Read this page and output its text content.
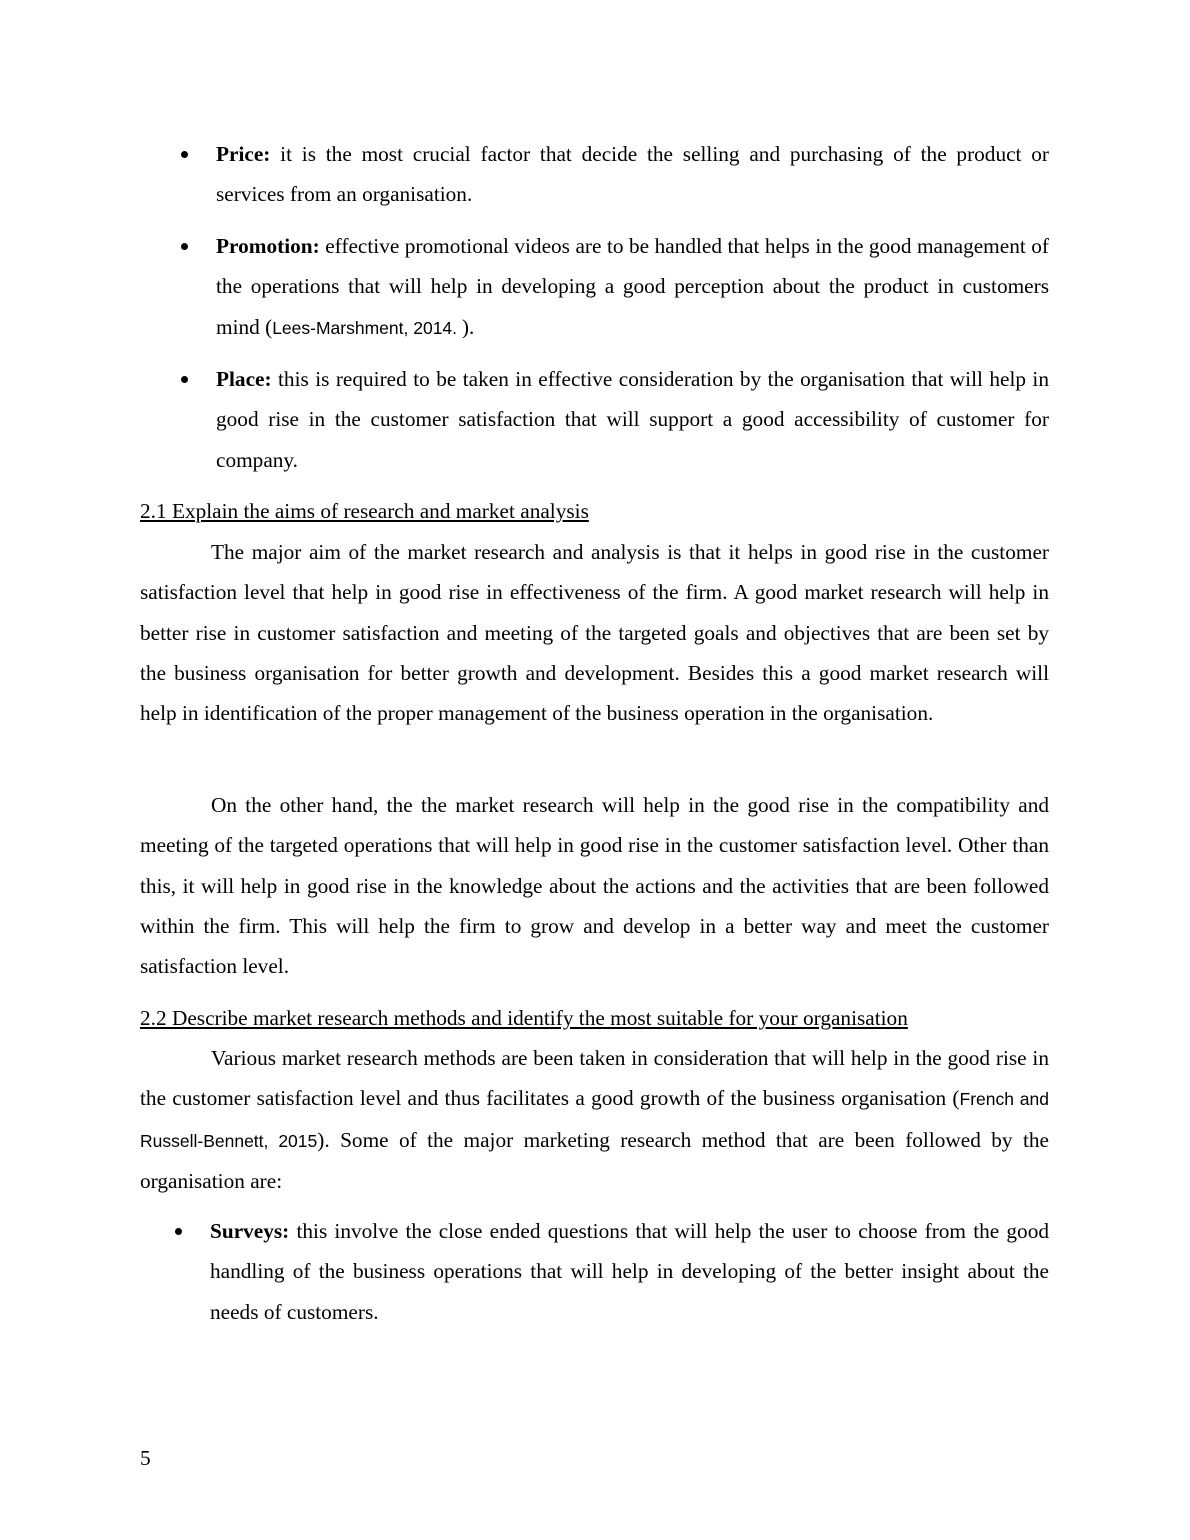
Price: it is the most crucial factor that decide the selling and purchasing of the product or services from an organisation.
Promotion: effective promotional videos are to be handled that helps in the good management of the operations that will help in developing a good perception about the product in customers mind (Lees-Marshment, 2014. ).
Place: this is required to be taken in effective consideration by the organisation that will help in good rise in the customer satisfaction that will support a good accessibility of customer for company.
2.1 Explain the aims of research and market analysis
The major aim of the market research and analysis is that it helps in good rise in the customer satisfaction level that help in good rise in effectiveness of the firm. A good market research will help in better rise in customer satisfaction and meeting of the targeted goals and objectives that are been set by the business organisation for better growth and development. Besides this a good market research will help in identification of the proper management of the business operation in the organisation.
On the other hand, the the market research will help in the good rise in the compatibility and meeting of the targeted operations that will help in good rise in the customer satisfaction level. Other than this, it will help in good rise in the knowledge about the actions and the activities that are been followed within the firm. This will help the firm to grow and develop in a better way and meet the customer satisfaction level.
2.2 Describe market research methods and identify the most suitable for your organisation
Various market research methods are been taken in consideration that will help in the good rise in the customer satisfaction level and thus facilitates a good growth of the business organisation (French and Russell-Bennett, 2015). Some of the major marketing research method that are been followed by the organisation are:
Surveys: this involve the close ended questions that will help the user to choose from the good handling of the business operations that will help in developing of the better insight about the needs of customers.
5
